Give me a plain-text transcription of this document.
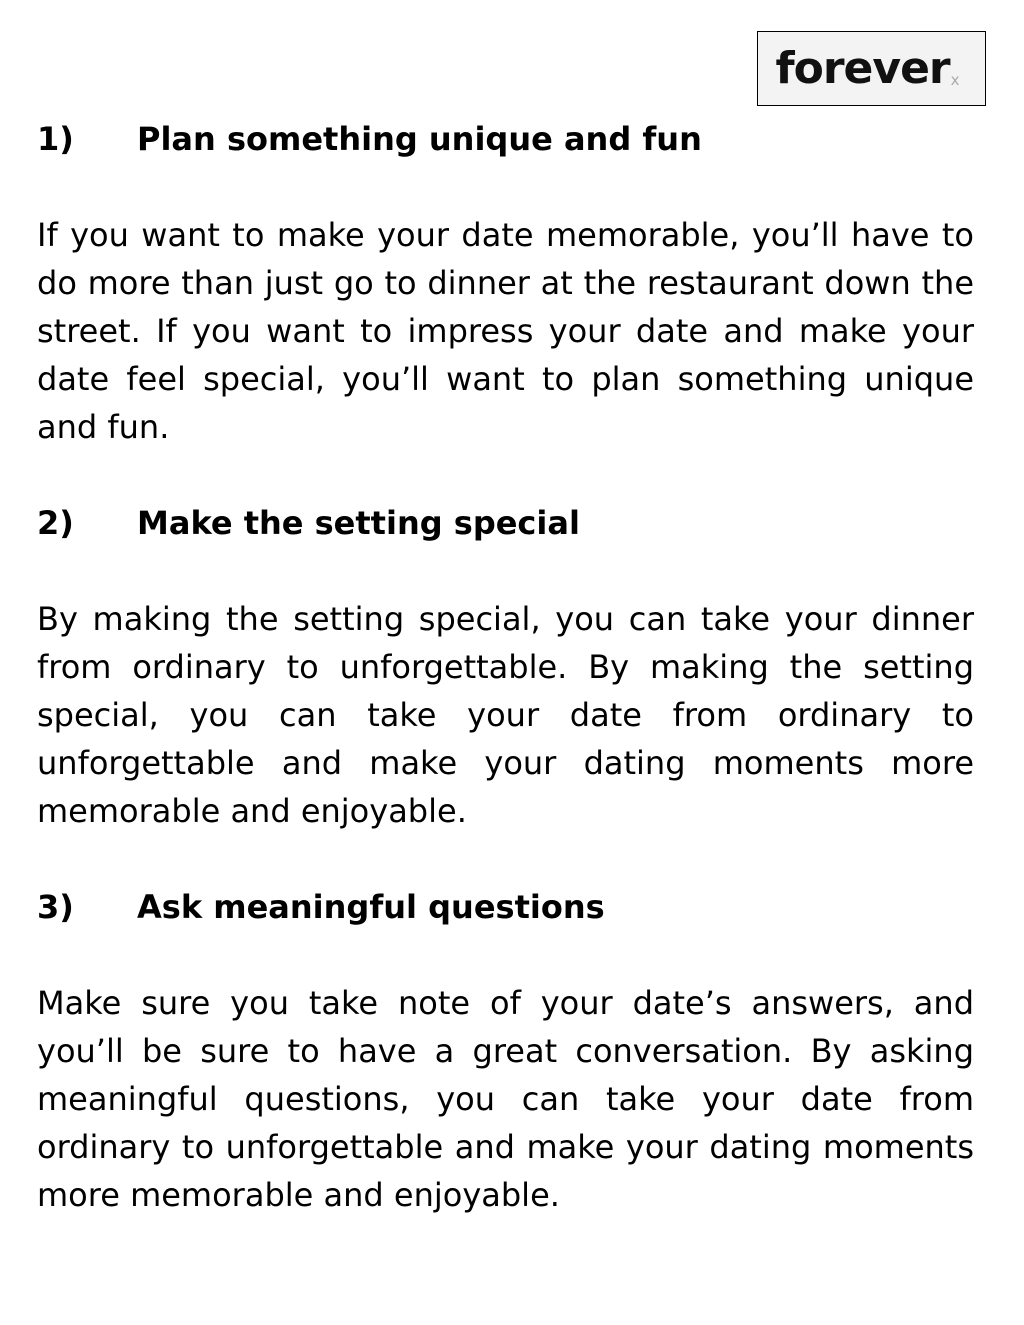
forever x
1)	Plan something unique and fun

If you want to make your date memorable, you’ll have to do more than just go to dinner at the restaurant down the street. If you want to impress your date and make your date feel special, you’ll want to plan something unique and fun.

2)	Make the setting special

By making the setting special, you can take your dinner from ordinary to unforgettable. By making the setting special, you can take your date from ordinary to unforgettable and make your dating moments more memorable and enjoyable.

3)	Ask meaningful questions

Make sure you take note of your date’s answers, and you’ll be sure to have a great conversation. By asking meaningful questions, you can take your date from ordinary to unforgettable and make your dating moments more memorable and enjoyable.
